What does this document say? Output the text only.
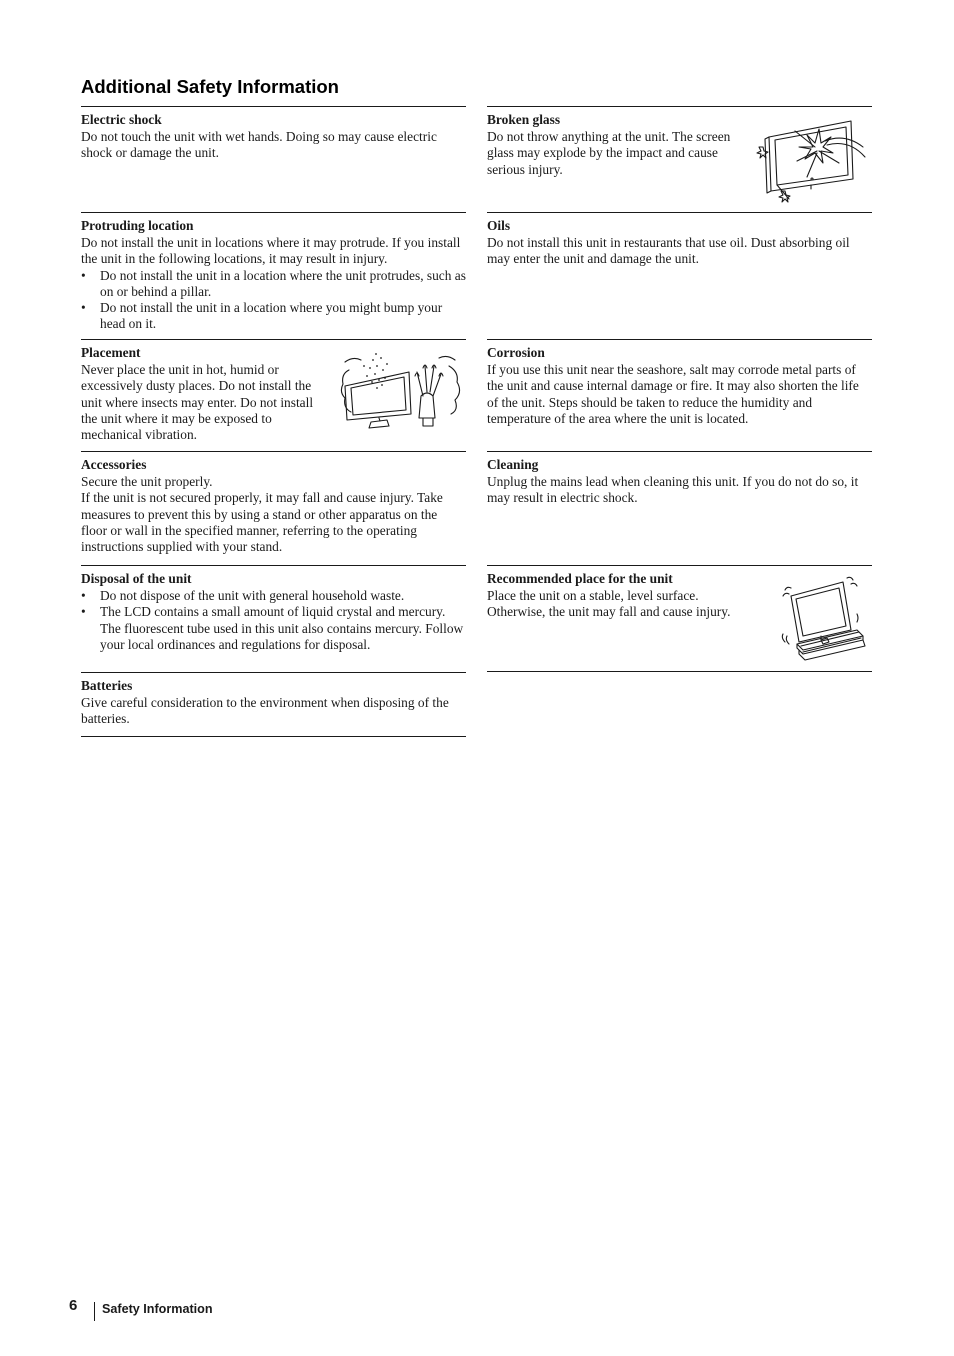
Additional Safety Information
Electric shock
Do not touch the unit with wet hands. Doing so may cause electric shock or damage the unit.
Protruding location

Do not install the unit in locations where it may protrude. If you install the unit in the following locations, it may result in injury.

• Do not install the unit in a location where the unit protrudes, such as on or behind a pillar.
• Do not install the unit in a location where you might bump your head on it.
Placement
Never place the unit in hot, humid or excessively dusty places. Do not install the unit where insects may enter. Do not install the unit where it may be exposed to mechanical vibration.
Accessories

Secure the unit properly.

If the unit is not secured properly, it may fall and cause injury. Take measures to prevent this by using a stand or other apparatus on the floor or wall in the specified manner, referring to the operating instructions supplied with your stand.

Disposal of the unit
• Do not dispose of the unit with general household waste.
• The LCD contains a small amount of liquid crystal and mercury. The fluorescent tube used in this unit also contains mercury. Follow your local ordinances and regulations for disposal.
Batteries
Give careful consideration to the environment when disposing of the batteries.
Broken glass
Do not throw anything at the unit. The screen glass may explode by the impact and cause serious injury.
Oils
Do not install this unit in restaurants that use oil. Dust absorbing oil may enter the unit and damage the unit.
Corrosion
If you use this unit near the seashore, salt may corrode metal parts of the unit and cause internal damage or fire. It may also shorten the life of the unit. Steps should be taken to reduce the humidity and temperature of the area where the unit is located.
Cleaning
Unplug the mains lead when cleaning this unit. If you do not do so, it may result in electric shock.
Recommended place for the unit
Place the unit on a stable, level surface. Otherwise, the unit may fall and cause injury.
6 Safety Information
